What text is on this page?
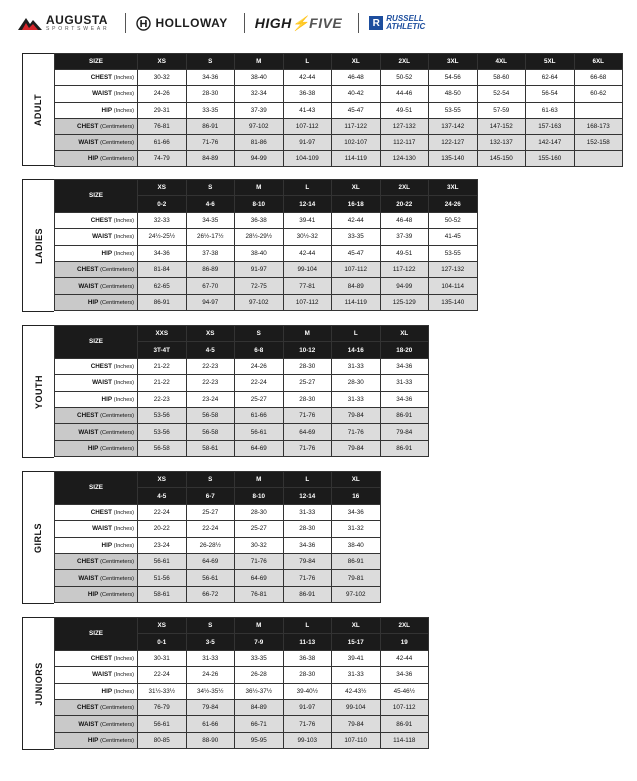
AUGUSTA
SPORTSWEAR	HOLLOWAY HIGH ⚡ FIVE	R RUSSELL
ATHLETIC
ADULT
SIZE	XS	S	M	L	XL	2XL	3XL	4XL	5XL	6XL
CHEST (Inches)	30-32	34-36	38-40	42-44	46-48	50-52	54-56	58-60	62-64	66-68
WAIST (Inches)	24-26	28-30	32-34	36-38	40-42	44-46	48-50	52-54	56-54	60-62
HIP (Inches)	29-31	33-35	37-39	41-43	45-47	49-51	53-55	57-59	61-63	
CHEST (Centimeters)	76-81	86-91	97-102	107-112	117-122	127-132	137-142	147-152	157-163	168-173
WAIST (Centimeters)	61-66	71-76	81-86	91-97	102-107	112-117	122-127	132-137	142-147	152-158
HIP (Centimeters)	74-79	84-89	94-99	104-109	114-119	124-130	135-140	145-150	155-160	
LADIES
SIZE	XS	S	M	L	XL	2XL	3XL
	0-2	4-6	8-10	12-14	16-18	20-22	24-26
CHEST (Inches)	32-33	34-35	36-38	39-41	42-44	46-48	50-52
WAIST (Inches)	24½-25½	26½-17½	28½-29½	30½-32	33-35	37-39	41-45
HIP (Inches)	34-36	37-38	38-40	42-44	45-47	49-51	53-55
CHEST (Centimeters)	81-84	86-89	91-97	99-104	107-112	117-122	127-132
WAIST (Centimeters)	62-65	67-70	72-75	77-81	84-89	94-99	104-114
HIP (Centimeters)	86-91	94-97	97-102	107-112	114-119	125-129	135-140
YOUTH
SIZE	XXS	XS	S	M	L	XL
	3T-4T	4-5	6-8	10-12	14-16	18-20
CHEST (Inches)	21-22	22-23	24-26	28-30	31-33	34-36
WAIST (Inches)	21-22	22-23	22-24	25-27	28-30	31-33
HIP (Inches)	22-23	23-24	25-27	28-30	31-33	34-36
CHEST (Centimeters)	53-56	56-58	61-66	71-76	79-84	86-91
WAIST (Centimeters)	53-56	56-58	56-61	64-69	71-76	79-84
HIP (Centimeters)	56-58	58-61	64-69	71-76	79-84	86-91
GIRLS
SIZE	XS	S	M	L	XL
	4-5	6-7	8-10	12-14	16
CHEST (Inches)	22-24	25-27	28-30	31-33	34-36
WAIST (Inches)	20-22	22-24	25-27	28-30	31-32
HIP (Inches)	23-24	26-28½	30-32	34-36	38-40
CHEST (Centimeters)	56-61	64-69	71-76	79-84	86-91
WAIST (Centimeters)	51-56	56-61	64-69	71-76	79-81
HIP (Centimeters)	58-61	66-72	76-81	86-91	97-102
JUNIORS
SIZE	XS	S	M	L	XL	2XL
	0-1	3-5	7-9	11-13	15-17	19
CHEST (Inches)	30-31	31-33	33-35	36-38	39-41	42-44
WAIST (Inches)	22-24	24-26	26-28	28-30	31-33	34-36
HIP (Inches)	31½-33½	34½-35½	36½-37½	39-40½	42-43½	45-46½
CHEST (Centimeters)	76-79	79-84	84-89	91-97	99-104	107-112
WAIST (Centimeters)	56-61	61-66	66-71	71-76	79-84	86-91
HIP (Centimeters)	80-85	88-90	95-95	99-103	107-110	114-118
